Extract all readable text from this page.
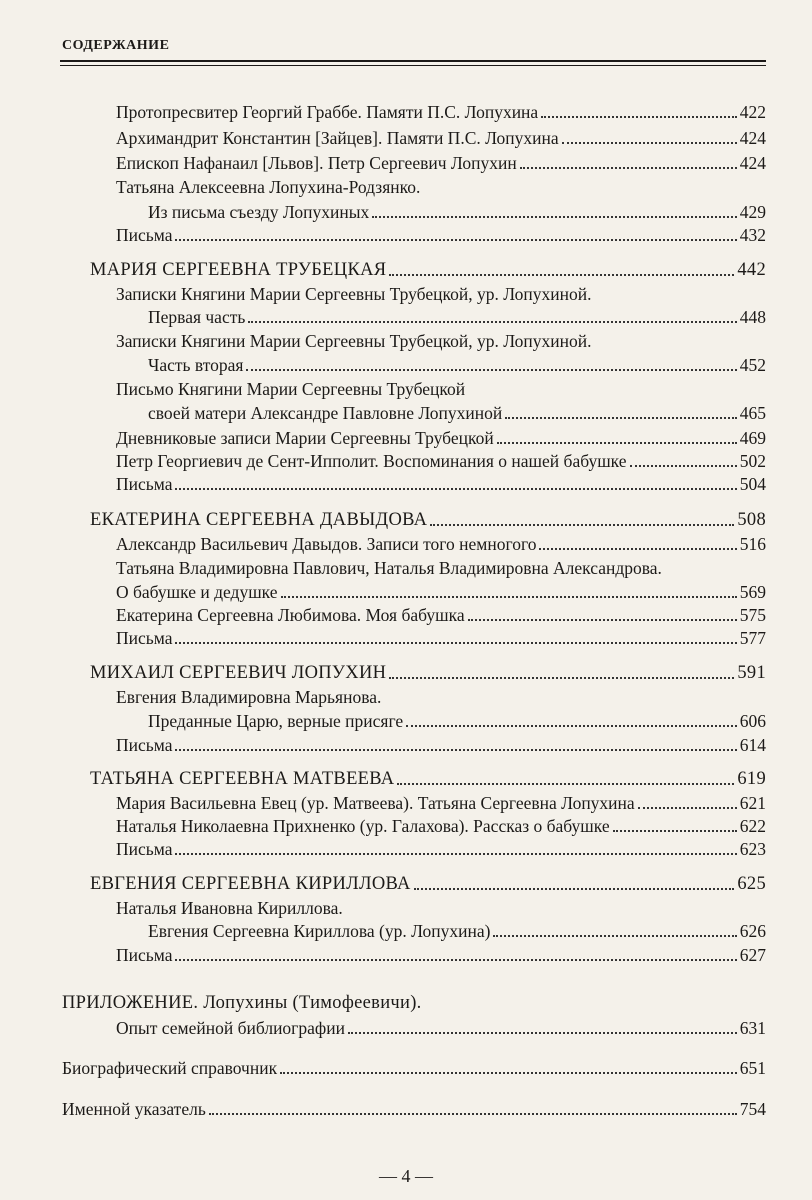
СОДЕРЖАНИЕ
Протопресвитер Георгий Граббе. Памяти П.С. Лопухина	422
Архимандрит Константин [Зайцев]. Памяти П.С. Лопухина	424
Епископ Нафанаил [Львов]. Петр Сергеевич Лопухин	424
Татьяна Алексеевна Лопухина-Родзянко.
Из письма съезду Лопухиных	429
Письма	432
МАРИЯ СЕРГЕЕВНА ТРУБЕЦКАЯ	442
Записки Княгини Марии Сергеевны Трубецкой, ур. Лопухиной.
Первая часть	448
Записки Княгини Марии Сергеевны Трубецкой, ур. Лопухиной.
Часть вторая	452
Письмо Княгини Марии Сергеевны Трубецкой
своей матери Александре Павловне Лопухиной	465
Дневниковые записи Марии Сергеевны Трубецкой	469
Петр Георгиевич де Сент-Ипполит. Воспоминания о нашей бабушке	502
Письма	504
ЕКАТЕРИНА СЕРГЕЕВНА ДАВЫДОВА	508
Александр Васильевич Давыдов. Записи того немногого	516
Татьяна Владимировна Павлович, Наталья Владимировна Александрова.
О бабушке и дедушке	569
Екатерина Сергеевна Любимова. Моя бабушка	575
Письма	577
МИХАИЛ СЕРГЕЕВИЧ ЛОПУХИН	591
Евгения Владимировна Марьянова.
Преданные Царю, верные присяге	606
Письма	614
ТАТЬЯНА СЕРГЕЕВНА МАТВЕЕВА	619
Мария Васильевна Евец (ур. Матвеева). Татьяна Сергеевна Лопухина	621
Наталья Николаевна Прихненко (ур. Галахова). Рассказ о бабушке	622
Письма	623
ЕВГЕНИЯ СЕРГЕЕВНА КИРИЛЛОВА	625
Наталья Ивановна Кириллова.
Евгения Сергеевна Кириллова (ур. Лопухина)	626
Письма	627
ПРИЛОЖЕНИЕ. Лопухины (Тимофеевичи).
Опыт семейной библиографии	631
Биографический справочник	651
Именной указатель	754
— 4 —
